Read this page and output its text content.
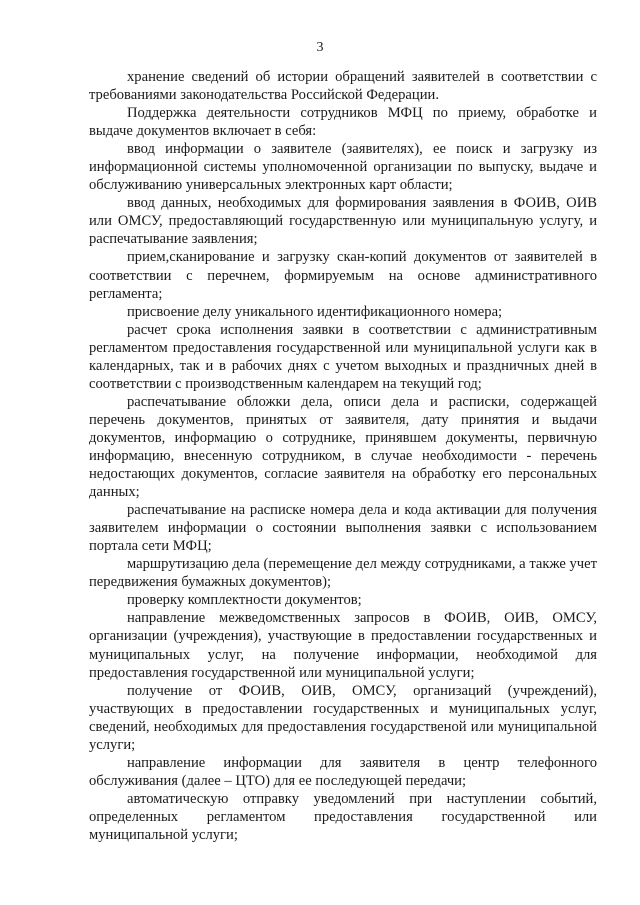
3

хранение сведений об истории обращений заявителей в соответствии с требованиями законодательства Российской Федерации.

Поддержка деятельности сотрудников МФЦ по приему, обработке и выдаче документов включает в себя:

ввод информации о заявителе (заявителях), ее поиск и загрузку из информационной системы уполномоченной организации по выпуску, выдаче и обслуживанию универсальных электронных карт области;

ввод данных, необходимых для формирования заявления в ФОИВ, ОИВ или ОМСУ, предоставляющий государственную или муниципальную услугу, и распечатывание заявления;

прием,сканирование и загрузку скан-копий документов от заявителей в соответствии с перечнем, формируемым на основе административного регламента;

присвоение делу уникального идентификационного номера;

расчет срока исполнения заявки в соответствии с административным регламентом предоставления государственной или муниципальной услуги как в календарных, так и в рабочих днях с учетом выходных и праздничных дней в соответствии с производственным календарем на текущий год;

распечатывание обложки дела, описи дела и расписки, содержащей перечень документов, принятых от заявителя, дату принятия и выдачи документов, информацию о сотруднике, принявшем документы, первичную информацию, внесенную сотрудником, в случае необходимости - перечень недостающих документов, согласие заявителя на обработку его персональных данных;

распечатывание на расписке номера дела и кода активации для получения заявителем информации о состоянии выполнения заявки с использованием портала сети МФЦ;

маршрутизацию дела (перемещение дел между сотрудниками, а также учет передвижения бумажных документов);

проверку комплектности документов;

направление межведомственных запросов в ФОИВ, ОИВ, ОМСУ, организации (учреждения), участвующие в предоставлении государственных и муниципальных услуг, на получение информации, необходимой для предоставления государственной или муниципальной услуги;

получение от ФОИВ, ОИВ, ОМСУ, организаций (учреждений), участвующих в предоставлении государственных и муниципальных услуг, сведений, необходимых для предоставления государственой или муниципальной услуги;

направление информации для заявителя в центр телефонного обслуживания (далее – ЦТО) для ее последующей передачи;

автоматическую отправку уведомлений при наступлении событий, определенных регламентом предоставления государственной или муниципальной услуги;
